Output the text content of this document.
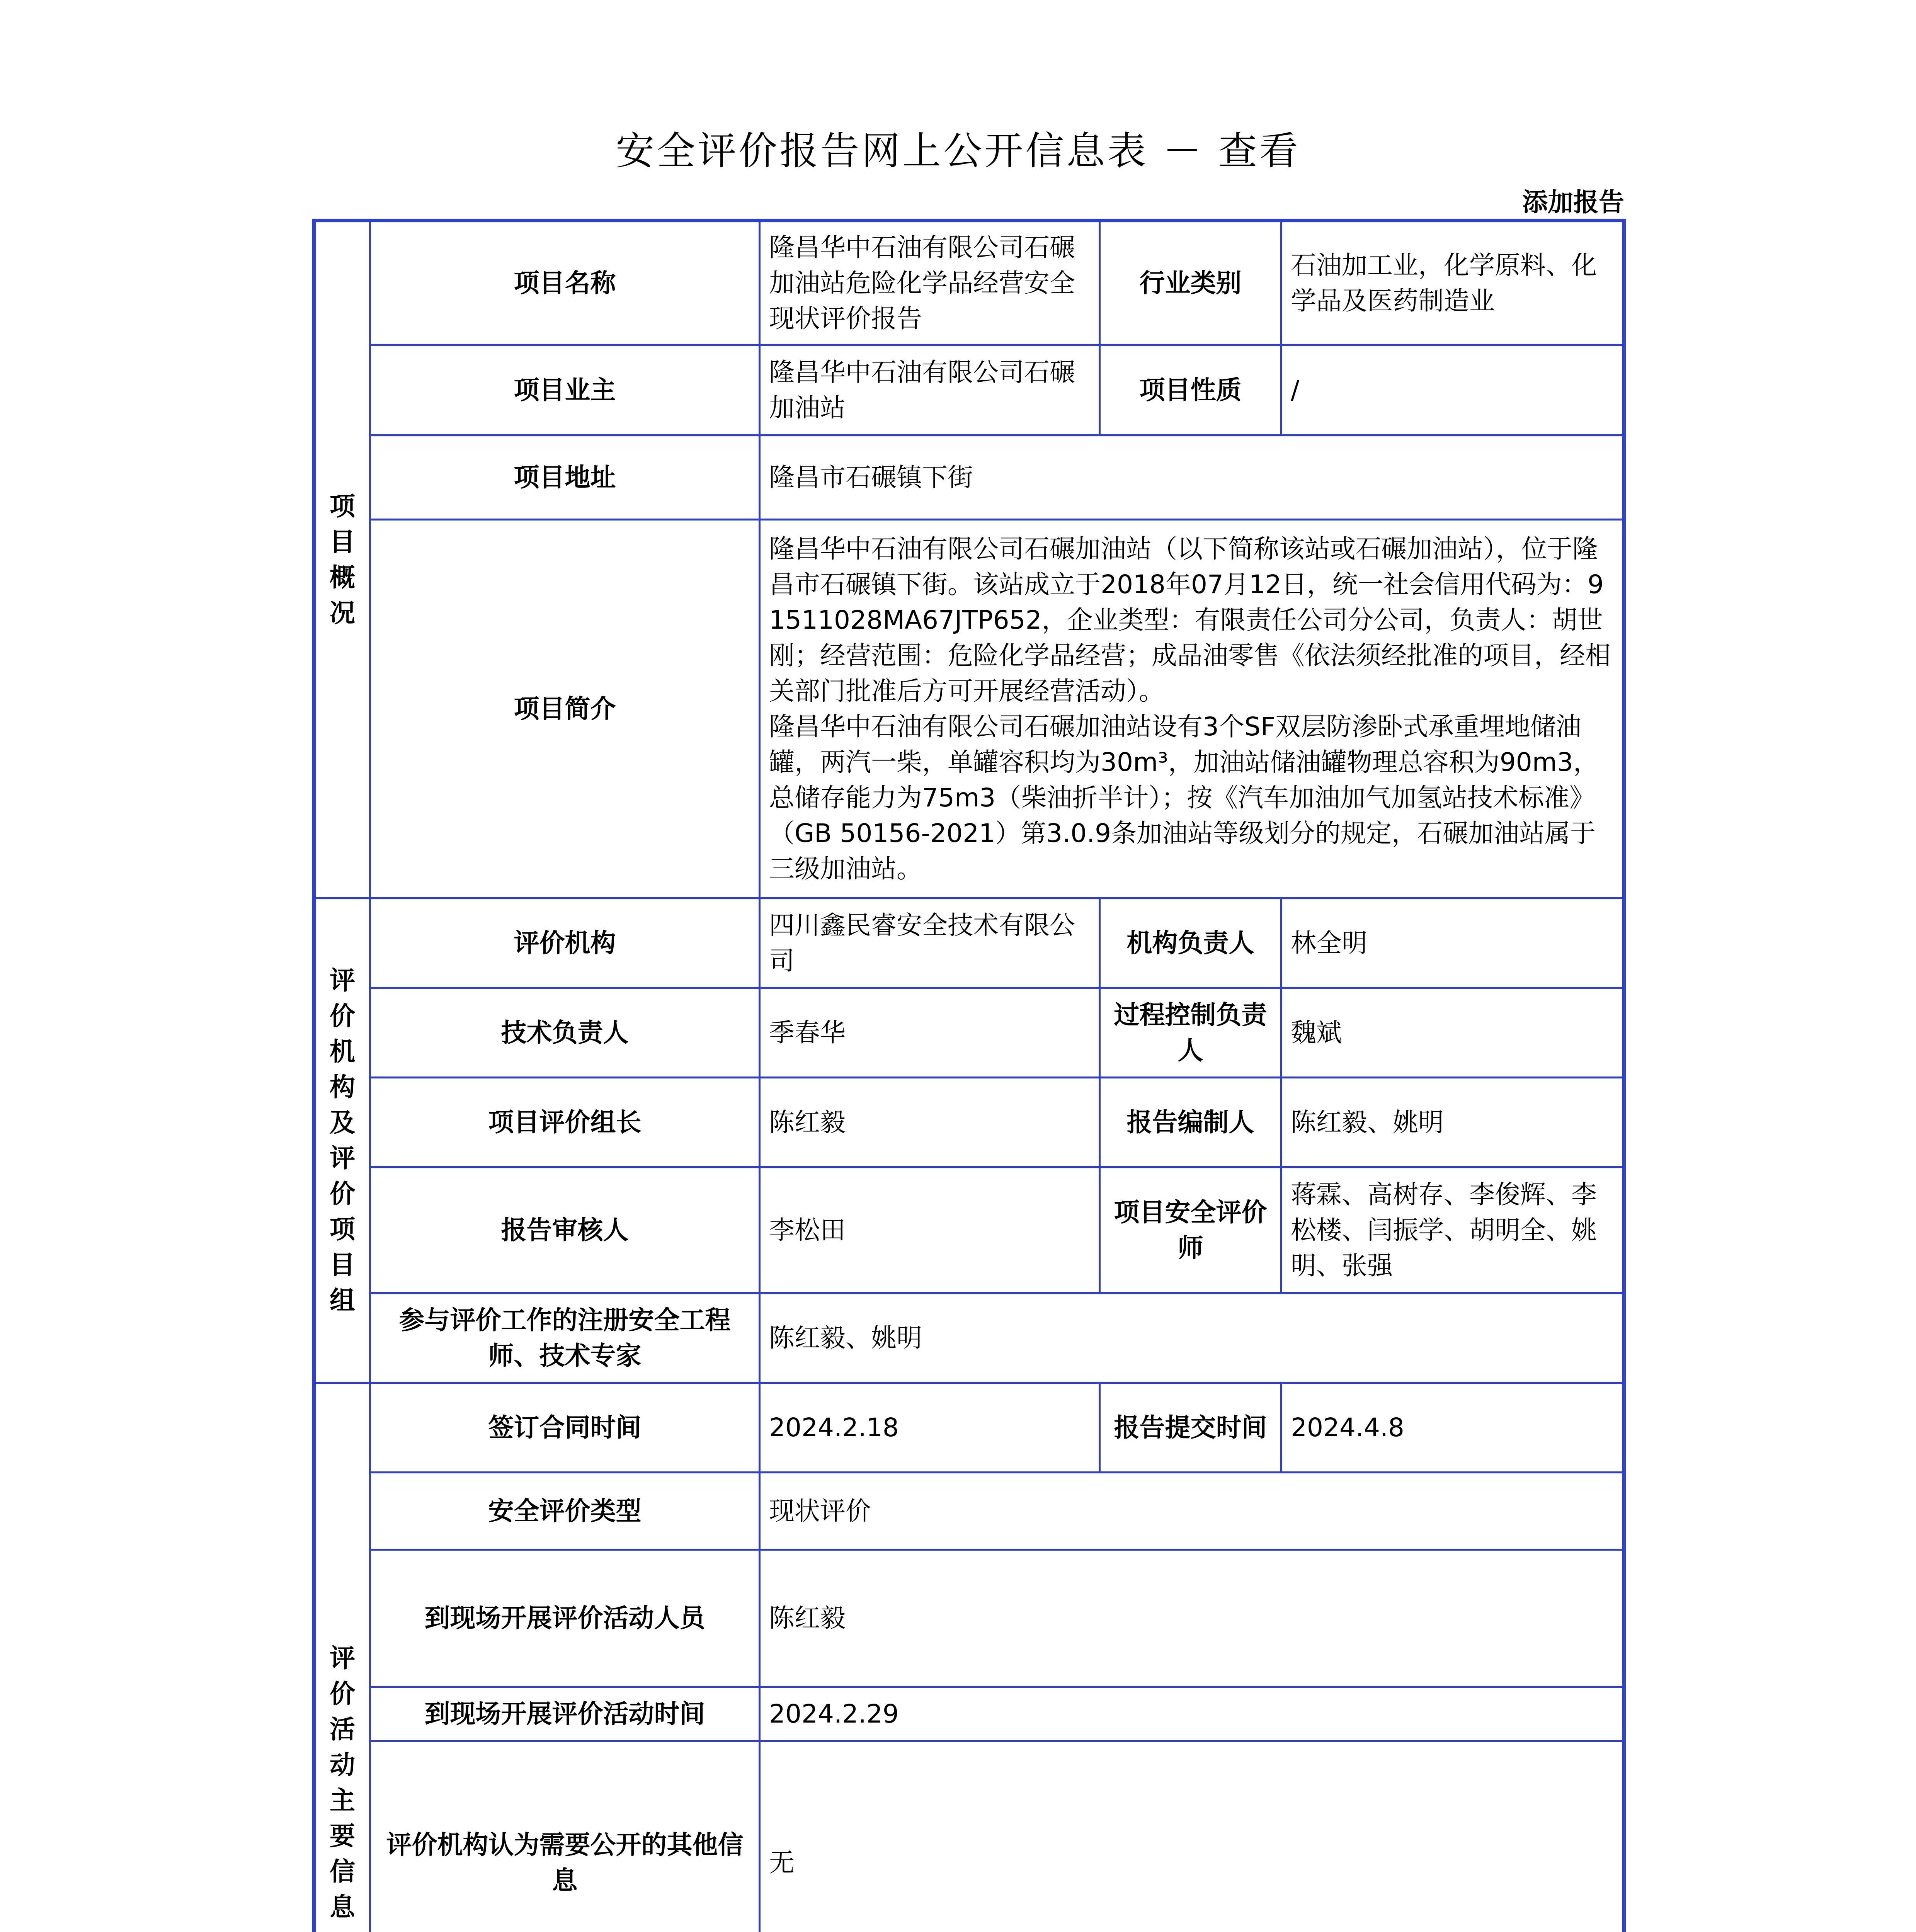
安全评价报告网上公开信息表 － 查看
添加报告
项目概况	项目名称	隆昌华中石油有限公司石碾加油站危险化学品经营安全现状评价报告	行业类别	石油加工业，化学原料、化学品及医药制造业
	项目业主	隆昌华中石油有限公司石碾加油站	项目性质	/
	项目地址	隆昌市石碾镇下街		
	项目简介	隆昌华中石油有限公司石碾加油站（以下简称该站或石碾加油站），位于隆昌市石碾镇下街。该站成立于2018年07月12日，统一社会信用代码为：91511028MA67JTP652，企业类型：有限责任公司分公司，负责人：胡世刚；经营范围：危险化学品经营；成品油零售《依法须经批准的项目，经相关部门批准后方可开展经营活动）。
隆昌华中石油有限公司石碾加油站设有3个SF双层防渗卧式承重埋地储油罐，两汽一柴，单罐容积均为30m³，加油站储油罐物理总容积为90m3，总储存能力为75m3（柴油折半计）；按《汽车加油加气加氢站技术标准》（GB 50156-2021）第3.0.9条加油站等级划分的规定，石碾加油站属于三级加油站。		
评价机构及评价项目组	评价机构	四川鑫民睿安全技术有限公司	机构负责人	林全明
	技术负责人	季春华	过程控制负责人	魏斌
	项目评价组长	陈红毅	报告编制人	陈红毅、姚明
	报告审核人	李松田	项目安全评价师	蒋霖、高树存、李俊辉、李松楼、闫振学、胡明全、姚明、张强
	参与评价工作的注册安全工程师、技术专家	陈红毅、姚明		
评价活动主要信息	签订合同时间	2024.2.18	报告提交时间	2024.4.8
	安全评价类型	现状评价		
	到现场开展评价活动人员	陈红毅		
	到现场开展评价活动时间	2024.2.29		
	评价机构认为需要公开的其他信息	无		
